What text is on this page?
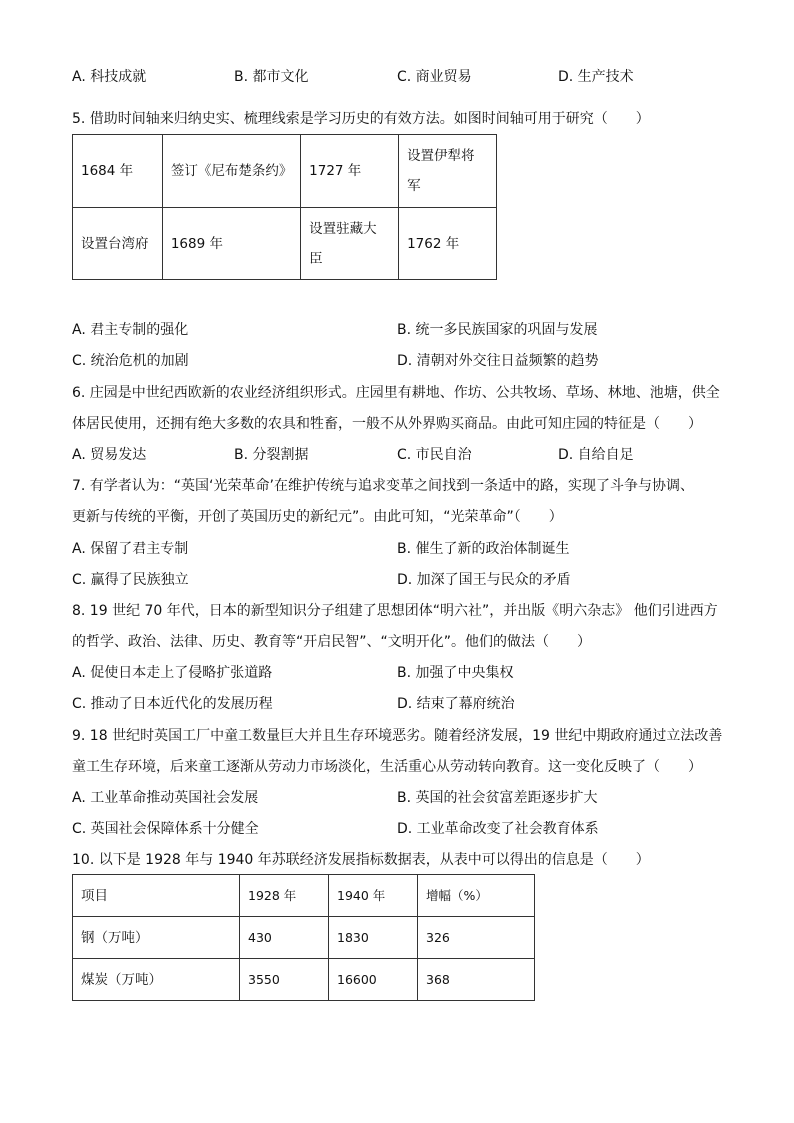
A. 科技成就	B. 都市文化	C. 商业贸易	D. 生产技术
5. 借助时间轴来归纳史实、梳理线索是学习历史的有效方法。如图时间轴可用于研究（　　）
1684 年	签订《尼布楚条约》	1727 年	设置伊犁将军
设置台湾府	1689 年	设置驻藏大臣	1762 年
A. 君主专制的强化	B. 统一多民族国家的巩固与发展
C. 统治危机的加剧	D. 清朝对外交往日益频繁的趋势
6. 庄园是中世纪西欧新的农业经济组织形式。庄园里有耕地、作坊、公共牧场、草场、林地、池塘，供全
体居民使用，还拥有绝大多数的农具和牲畜，一般不从外界购买商品。由此可知庄园的特征是（　　）
A. 贸易发达	B. 分裂割据	C. 市民自治	D. 自给自足
7. 有学者认为：“英国‘光荣革命’在维护传统与追求变革之间找到一条适中的路，实现了斗争与协调、
更新与传统的平衡，开创了英国历史的新纪元”。由此可知，“光荣革命”（　　）
A. 保留了君主专制	B. 催生了新的政治体制诞生
C. 赢得了民族独立	D. 加深了国王与民众的矛盾
8. 19 世纪 70 年代，日本的新型知识分子组建了思想团体“明六社”，并出版《明六杂志》 他们引进西方
的哲学、政治、法律、历史、教育等“开启民智”、“文明开化”。他们的做法（　　）
A. 促使日本走上了侵略扩张道路	B. 加强了中央集权
C. 推动了日本近代化的发展历程	D. 结束了幕府统治
9. 18 世纪时英国工厂中童工数量巨大并且生存环境恶劣。随着经济发展，19 世纪中期政府通过立法改善
童工生存环境，后来童工逐渐从劳动力市场淡化，生活重心从劳动转向教育。这一变化反映了（　　）
A. 工业革命推动英国社会发展	B. 英国的社会贫富差距逐步扩大
C. 英国社会保障体系十分健全	D. 工业革命改变了社会教育体系
10. 以下是 1928 年与 1940 年苏联经济发展指标数据表，从表中可以得出的信息是（　　）
项目	1928 年	1940 年	增幅（%）
钢（万吨）	430	1830	326
煤炭（万吨）	3550	16600	368
